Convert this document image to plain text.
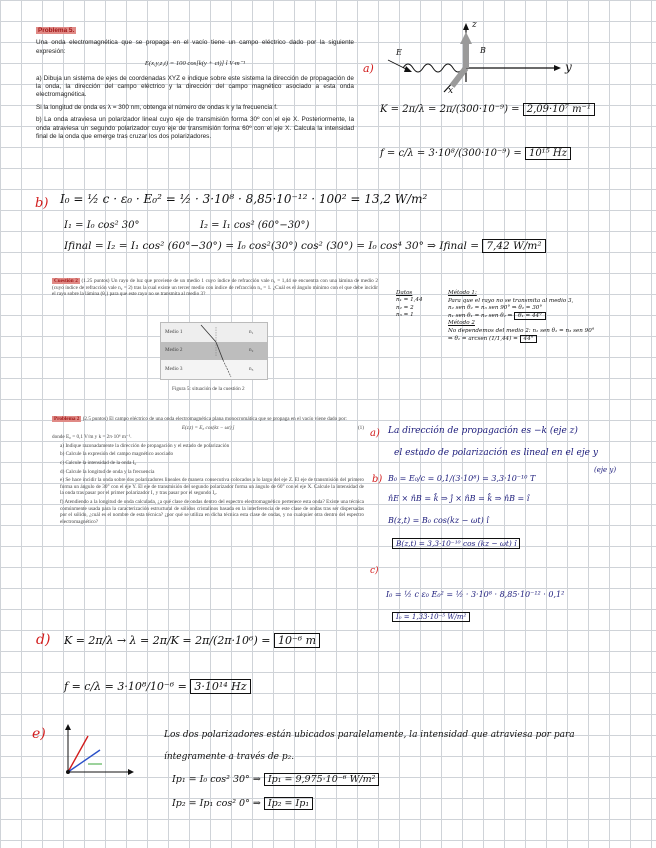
Problema 5.

Una onda electromagnética que se propaga en el vacío tiene un campo eléctrico dado por la siguiente expresión:

E(x,y,z,t) = 100 cos[k(y + ct)] î V·m⁻¹

a) Dibuja un sistema de ejes de coordenadas XYZ e indique sobre este sistema la dirección de propagación de la onda, la dirección del campo eléctrico y la dirección del campo magnético asociado a esta onda electromagnética.

Si la longitud de onda es λ = 300 nm, obtenga el número de ondas k y la frecuencia f.

b) La onda atraviesa un polarizador lineal cuyo eje de transmisión forma 30º con el eje X. Posteriormente, la onda atraviesa un segundo polarizador cuyo eje de transmisión forma 60º con el eje X. Calcula la intensidad final de la onda que emerge tras cruzar los dos polarizadores.

a)
z
y
x
E	B
K = 2π/λ = 2π/(300·10⁻⁹) = 2,09·10⁷ m⁻¹
f = c/λ = 3·10⁸/(300·10⁻⁹) = 10¹⁵ Hz
b) I₀ = ½ c · ε₀ · E₀² = ½ · 3·10⁸ · 8,85·10⁻¹² · 100² = 13,2 W/m²
I₁ = I₀ cos² 30°	I₂ = I₁ cos² (60°−30°)
Ifinal = I₂ = I₁ cos² (60°−30°) = I₀ cos²(30°) cos² (30°) = I₀ cos⁴ 30° ⇒ Ifinal = 7,42 W/m²

Cuestión 2 (1.25 puntos) Un rayo de luz que proviene de un medio 1 cuyo índice de refracción vale n₁ = 1,44 se encuentra con una lámina de medio 2 (cuyo índice de refracción vale n₂ = 2) tras la cual existe un tercer medio con índice de refracción n₃ = 1. ¿Cuál es el ángulo mínimo con el que debe incidir el rayo sobre la lámina (θ₁) para que este rayo no se transmita al medio 3?

Medio 1
Medio 2
Medio 3
n₁
n₂
n₃
Figura 5: situación de la cuestión 2
Datos
n₁ = 1,44
n₂ = 2
n₃ = 1
Método 1:
Para que el rayo no se transmita al medio 3,
n₂ sen θ₂ = n₃ sen 90° ⇒ θ₂ = 30°
n₁ sen θ₁ = n₂ sen θ₂ ⇒ θ₁ = 44°
Método 2
No dependemos del medio 2: n₁ sen θ₁ = n₃ sen 90°
⇒ θ₁ = arcsen (1/1,44) = 44°

Problema 2 (2.5 puntos) El campo eléctrico de una onda electromagnética plana monocromática que se propaga en el vacío viene dado por:

E(z,t) = E₀ cos(kz − ωt) ĵ	(1)

donde E₀ = 0,1 V/m y k = 2π·10⁶ m⁻¹.

a) Indique razonadamente la dirección de propagación y el estado de polarización

b) Calcule la expresión del campo magnético asociado

c) Calcule la intensidad de la onda I₀

d) Calcule la longitud de onda y la frecuencia

e) Se hace incidir la onda sobre dos polarizadores lineales de manera consecutiva colocados a lo largo del eje Z. El eje de transmisión del primero forma un ángulo de 30° con el eje Y. El eje de transmisión del segundo polarizador forma un ángulo de 60° con el eje X. Calcule la intensidad de la onda tras pasar por el primer polarizador I₁ y tras pasar por el segundo I₂.

f) Atendiendo a la longitud de onda calculada, ¿a qué clase de ondas dentro del espectro electromagnético pertenece esta onda? Existe una técnica comúnmente usada para la caracterización estructural de sólidos cristalinos basada en la interferencia de este clase de ondas tras ser dispersadas por el sólido, ¿cuál es el nombre de esta técnica? ¿por qué se utiliza en dicha técnica esta clase de ondas, y no cualquier otra dentro del espectro electromagnético?

a) La dirección de propagación es −k (eje z)
el estado de polarización es lineal en el eje y
(eje y)
b) B₀ = E₀/c = 0,1/(3·10⁸) = 3,3·10⁻¹⁰ T
n̂E × n̂B = k̂ ⇒ ĵ × n̂B = k̂ ⇒ n̂B = î
B(z,t) = B₀ cos(kz − ωt) î
B(z,t) = 3,3·10⁻¹⁰ cos (kz − ωt) î
c)
I₀ = ½ c ε₀ E₀² = ½ · 3·10⁸ · 8,85·10⁻¹² · 0,1²
I₀ = 1,33·10⁻⁵ W/m²
d) K = 2π/λ → λ = 2π/K = 2π/(2π·10⁶) = 10⁻⁶ m
f = c/λ = 3·10⁸/10⁻⁶ = 3·10¹⁴ Hz
e)	Los dos polarizadores están ubicados paralelamente, la intensidad que atraviesa por para
íntegramente a través de p₂.
Ip₁ = I₀ cos² 30° ⇒ Ip₁ = 9,975·10⁻⁶ W/m²
Ip₂ = Ip₁ cos² 0° ⇒ Ip₂ = Ip₁
